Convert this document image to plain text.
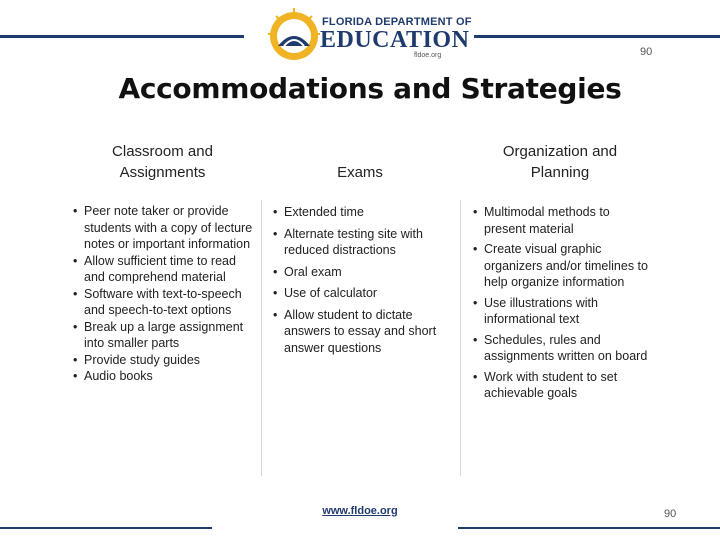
FLORIDA DEPARTMENT OF
EDUCATION
fldoe.org	90
Accommodations and Strategies
Classroom and
Assignments
• Peer note taker or provide students with a copy of lecture notes or important information
• Allow sufficient time to read and comprehend material
• Software with text-to-speech and speech-to-text options
• Break up a large assignment into smaller parts
• Provide study guides
• Audio books
Exams
• Extended time
• Alternate testing site with reduced distractions
• Oral exam
• Use of calculator
• Allow student to dictate answers to essay and short answer questions
Organization and
Planning
• Multimodal methods to present material
• Create visual graphic organizers and/or timelines to help organize information
• Use illustrations with informational text
• Schedules, rules and assignments written on board
• Work with student to set achievable goals
www.fldoe.org	90
